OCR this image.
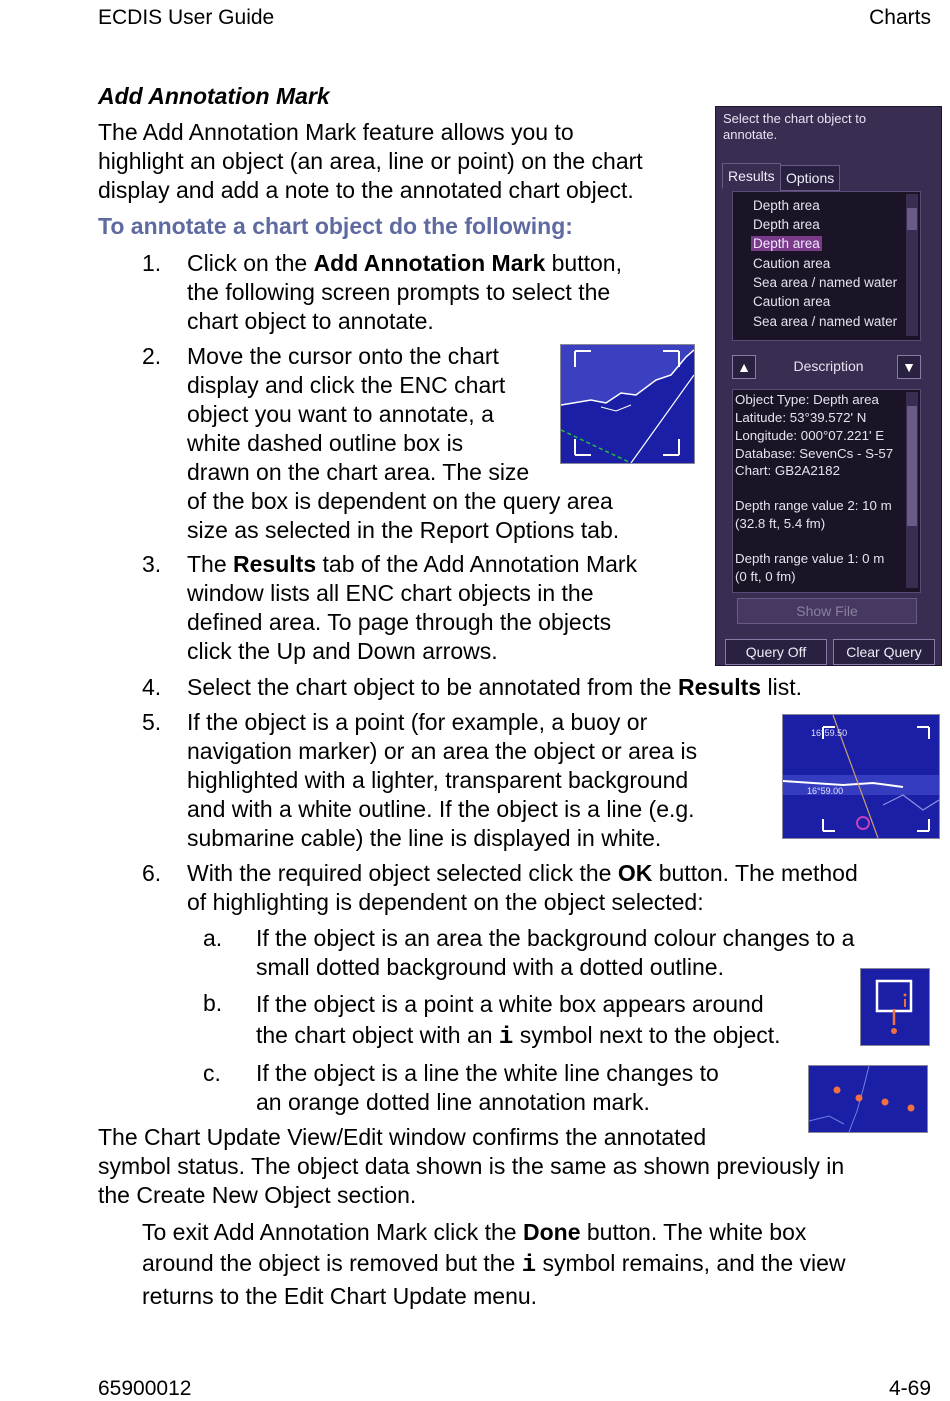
ECDIS User Guide	Charts
Add Annotation Mark
The Add Annotation Mark feature allows you to
highlight an object (an area, line or point) on the chart
display and add a note to the annotated chart object.
To annotate a chart object do the following:
1. Click on the Add Annotation Mark button,
the following screen prompts to select the
chart object to annotate.
2. Move the cursor onto the chart
display and click the ENC chart
object you want to annotate, a
white dashed outline box is
drawn on the chart area. The size
of the box is dependent on the query area
size as selected in the Report Options tab.
3. The Results tab of the Add Annotation Mark
window lists all ENC chart objects in the
defined area. To page through the objects
click the Up and Down arrows.
Select the chart object to annotate.
Results Options
Depth area
Depth area
Depth area
Caution area
Sea area / named water
Caution area
Sea area / named water
▲	Description	▼
Object Type: Depth area
Latitude: 53°39.572' N
Longitude: 000°07.221' E
Database: SevenCs - S-57
Chart: GB2A2182
Depth range value 2: 10 m
(32.8 ft, 5.4 fm)
Depth range value 1: 0 m
(0 ft, 0 fm)
Show File
Query Off	Clear Query
4. Select the chart object to be annotated from the Results list.
5. If the object is a point (for example, a buoy or
navigation marker) or an area the object or area is
highlighted with a lighter, transparent background
and with a white outline. If the object is a line (e.g.
submarine cable) the line is displayed in white.
16°59.50
16°59.00
6. With the required object selected click the OK button. The method
of highlighting is dependent on the object selected:
a. If the object is an area the background colour changes to a
small dotted background with a dotted outline.
b. If the object is a point a white box appears around
the chart object with an i symbol next to the object.
c. If the object is a line the white line changes to
an orange dotted line annotation mark.
The Chart Update View/Edit window confirms the annotated
symbol status. The object data shown is the same as shown previously in
the Create New Object section.
To exit Add Annotation Mark click the Done button. The white box
around the object is removed but the i symbol remains, and the view
returns to the Edit Chart Update menu.
65900012	4-69
